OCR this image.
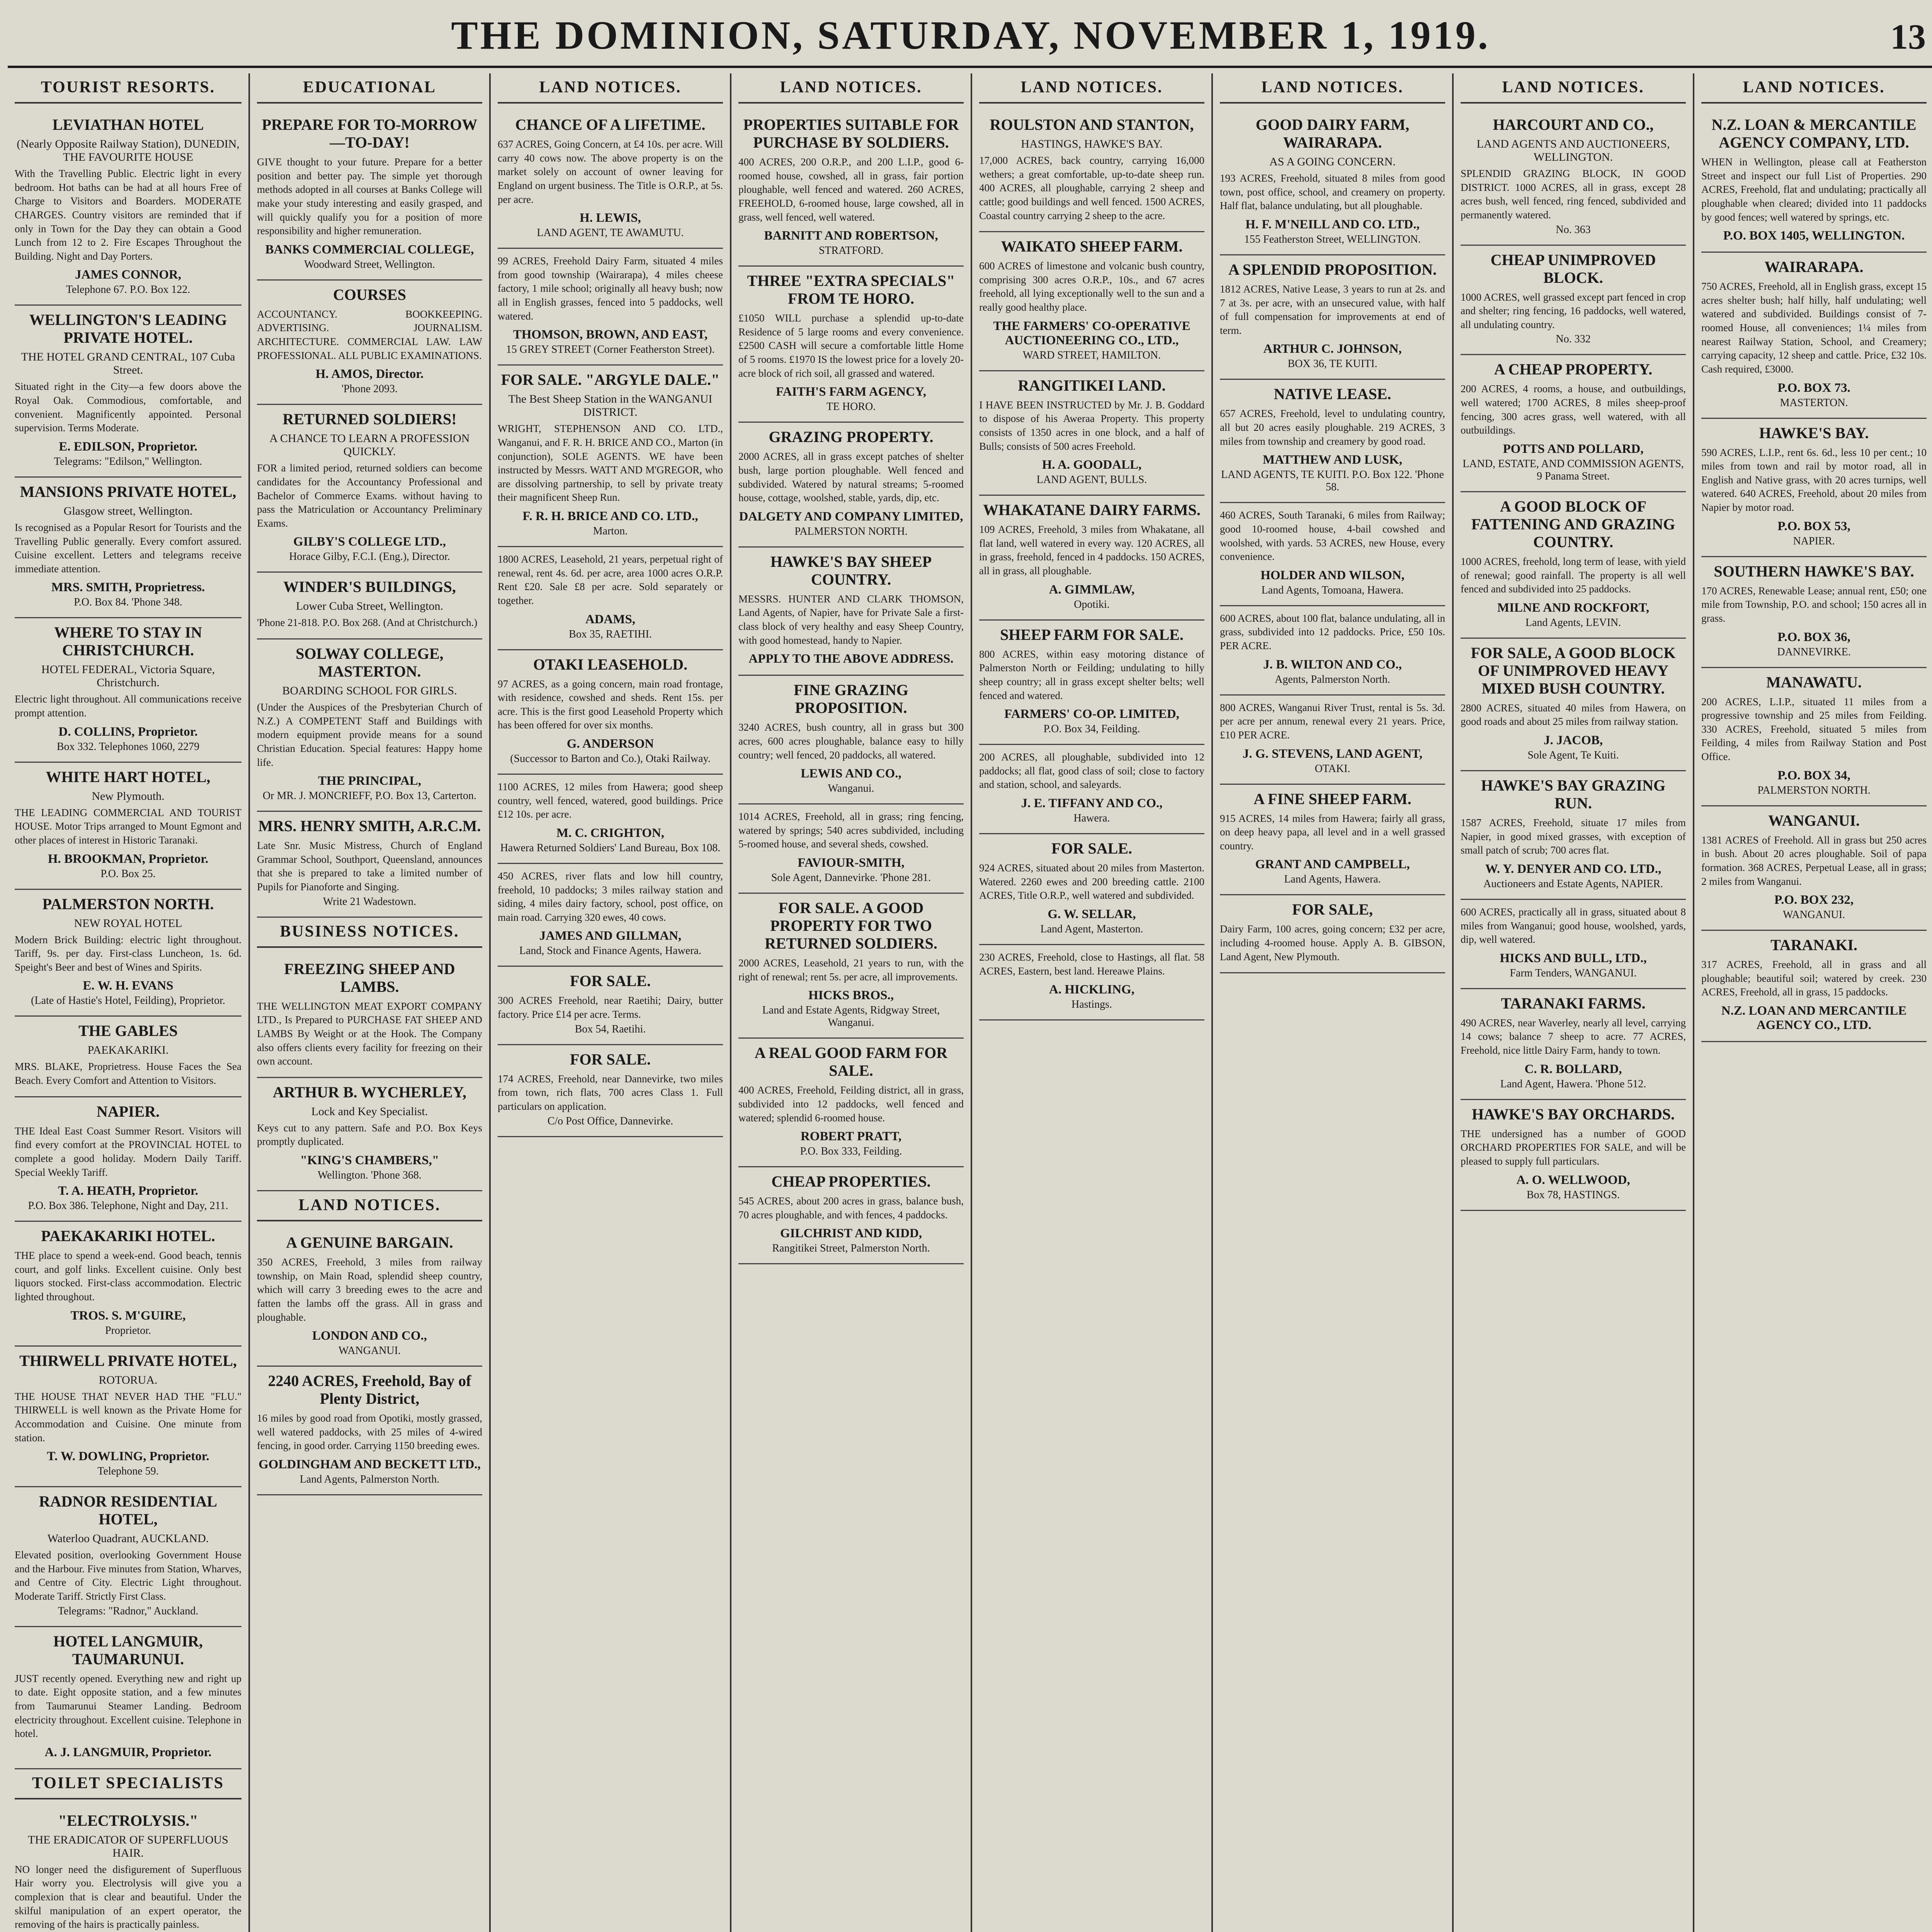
THE DOMINION, SATURDAY, NOVEMBER 1, 1919.	13
TOURIST RESORTS.
LEVIATHAN HOTEL
(Nearly Opposite Railway Station), DUNEDIN, THE FAVOURITE HOUSE
With the Travelling Public. Electric light in every bedroom. Hot baths can be had at all hours Free of Charge to Visitors and Boarders. MODERATE CHARGES. Country visitors are reminded that if only in Town for the Day they can obtain a Good Lunch from 12 to 2. Fire Escapes Throughout the Building. Night and Day Porters.
JAMES CONNOR,
Telephone 67. P.O. Box 122.
WELLINGTON'S LEADING PRIVATE HOTEL.
THE HOTEL GRAND CENTRAL, 107 Cuba Street.
Situated right in the City—a few doors above the Royal Oak. Commodious, comfortable, and convenient. Magnificently appointed. Personal supervision. Terms Moderate.
E. EDILSON, Proprietor.
Telegrams: "Edilson," Wellington.
MANSIONS PRIVATE HOTEL,
Glasgow street, Wellington.
Is recognised as a Popular Resort for Tourists and the Travelling Public generally. Every comfort assured. Cuisine excellent. Letters and telegrams receive immediate attention.
MRS. SMITH, Proprietress.
P.O. Box 84. 'Phone 348.
WHERE TO STAY IN CHRISTCHURCH.
HOTEL FEDERAL, Victoria Square, Christchurch.
Electric light throughout. All communications receive prompt attention.
D. COLLINS, Proprietor.
Box 332. Telephones 1060, 2279
WHITE HART HOTEL,
New Plymouth.
THE LEADING COMMERCIAL AND TOURIST HOUSE. Motor Trips arranged to Mount Egmont and other places of interest in Historic Taranaki.
H. BROOKMAN, Proprietor.
P.O. Box 25.
PALMERSTON NORTH.
NEW ROYAL HOTEL
Modern Brick Building: electric light throughout. Tariff, 9s. per day. First-class Luncheon, 1s. 6d. Speight's Beer and best of Wines and Spirits.
E. W. H. EVANS
(Late of Hastie's Hotel, Feilding), Proprietor.
THE GABLES
PAEKAKARIKI.
MRS. BLAKE, Proprietress. House Faces the Sea Beach. Every Comfort and Attention to Visitors.
NAPIER.
THE Ideal East Coast Summer Resort. Visitors will find every comfort at the PROVINCIAL HOTEL to complete a good holiday. Modern Daily Tariff. Special Weekly Tariff.
T. A. HEATH, Proprietor.
P.O. Box 386. Telephone, Night and Day, 211.
PAEKAKARIKI HOTEL.
THE place to spend a week-end. Good beach, tennis court, and golf links. Excellent cuisine. Only best liquors stocked. First-class accommodation. Electric lighted throughout.
TROS. S. M'GUIRE,
Proprietor.
THIRWELL PRIVATE HOTEL,
ROTORUA.
THE HOUSE THAT NEVER HAD THE "FLU." THIRWELL is well known as the Private Home for Accommodation and Cuisine. One minute from station.
T. W. DOWLING, Proprietor.
Telephone 59.
RADNOR RESIDENTIAL HOTEL,
Waterloo Quadrant, AUCKLAND.
Elevated position, overlooking Government House and the Harbour. Five minutes from Station, Wharves, and Centre of City. Electric Light throughout. Moderate Tariff. Strictly First Class.
Telegrams: "Radnor," Auckland.
HOTEL LANGMUIR, TAUMARUNUI.
JUST recently opened. Everything new and right up to date. Eight opposite station, and a few minutes from Taumarunui Steamer Landing. Bedroom electricity throughout. Excellent cuisine. Telephone in hotel.
A. J. LANGMUIR, Proprietor.
TOILET SPECIALISTS
"ELECTROLYSIS."
THE ERADICATOR OF SUPERFLUOUS HAIR.
NO longer need the disfigurement of Superfluous Hair worry you. Electrolysis will give you a complexion that is clear and beautiful. Under the skilful manipulation of an expert operator, the removing of the hairs is practically painless.
EDUCATIONAL
PREPARE FOR TO-MORROW—TO-DAY!
GIVE thought to your future. Prepare for a better position and better pay. The simple yet thorough methods adopted in all courses at Banks College will make your study interesting and easily grasped, and will quickly qualify you for a position of more responsibility and higher remuneration.
BANKS COMMERCIAL COLLEGE,
Woodward Street, Wellington.
COURSES
ACCOUNTANCY. BOOKKEEPING. ADVERTISING. JOURNALISM. ARCHITECTURE. COMMERCIAL LAW. LAW PROFESSIONAL. ALL PUBLIC EXAMINATIONS.
H. AMOS, Director.
'Phone 2093.
RETURNED SOLDIERS!
A CHANCE TO LEARN A PROFESSION QUICKLY.
FOR a limited period, returned soldiers can become candidates for the Accountancy Professional and Bachelor of Commerce Exams. without having to pass the Matriculation or Accountancy Preliminary Exams.
GILBY'S COLLEGE LTD.,
Horace Gilby, F.C.I. (Eng.), Director.
WINDER'S BUILDINGS,
Lower Cuba Street, Wellington.
'Phone 21-818. P.O. Box 268. (And at Christchurch.)
SOLWAY COLLEGE, MASTERTON.
BOARDING SCHOOL FOR GIRLS.
(Under the Auspices of the Presbyterian Church of N.Z.) A COMPETENT Staff and Buildings with modern equipment provide means for a sound Christian Education. Special features: Happy home life.
THE PRINCIPAL,
Or MR. J. MONCRIEFF, P.O. Box 13, Carterton.
MRS. HENRY SMITH, A.R.C.M.
Late Snr. Music Mistress, Church of England Grammar School, Southport, Queensland, announces that she is prepared to take a limited number of Pupils for Pianoforte and Singing.
Write 21 Wadestown.
BUSINESS NOTICES.
FREEZING SHEEP AND LAMBS.
THE WELLINGTON MEAT EXPORT COMPANY LTD., Is Prepared to PURCHASE FAT SHEEP AND LAMBS By Weight or at the Hook. The Company also offers clients every facility for freezing on their own account.
ARTHUR B. WYCHERLEY,
Lock and Key Specialist.
Keys cut to any pattern. Safe and P.O. Box Keys promptly duplicated.
"KING'S CHAMBERS,"
Wellington. 'Phone 368.
LAND NOTICES.
A GENUINE BARGAIN.
350 ACRES, Freehold, 3 miles from railway township, on Main Road, splendid sheep country, which will carry 3 breeding ewes to the acre and fatten the lambs off the grass. All in grass and ploughable.
LONDON AND CO.,
WANGANUI.
2240 ACRES, Freehold, Bay of Plenty District,
16 miles by good road from Opotiki, mostly grassed, well watered paddocks, with 25 miles of 4-wired fencing, in good order. Carrying 1150 breeding ewes.
GOLDINGHAM AND BECKETT LTD.,
Land Agents, Palmerston North.
LAND NOTICES.
CHANCE OF A LIFETIME.
637 ACRES, Going Concern, at £4 10s. per acre. Will carry 40 cows now. The above property is on the market solely on account of owner leaving for England on urgent business. The Title is O.R.P., at 5s. per acre.
H. LEWIS,
LAND AGENT, TE AWAMUTU.
99 ACRES, Freehold Dairy Farm, situated 4 miles from good township (Wairarapa), 4 miles cheese factory, 1 mile school; originally all heavy bush; now all in English grasses, fenced into 5 paddocks, well watered.
THOMSON, BROWN, AND EAST,
15 GREY STREET (Corner Featherston Street).
FOR SALE. "ARGYLE DALE."
The Best Sheep Station in the WANGANUI DISTRICT.
WRIGHT, STEPHENSON AND CO. LTD., Wanganui, and F. R. H. BRICE AND CO., Marton (in conjunction), SOLE AGENTS. WE have been instructed by Messrs. WATT AND M'GREGOR, who are dissolving partnership, to sell by private treaty their magnificent Sheep Run.
F. R. H. BRICE AND CO. LTD.,
Marton.
1800 ACRES, Leasehold, 21 years, perpetual right of renewal, rent 4s. 6d. per acre, area 1000 acres O.R.P. Rent £20. Sale £8 per acre. Sold separately or together.
ADAMS,
Box 35, RAETIHI.
OTAKI LEASEHOLD.
97 ACRES, as a going concern, main road frontage, with residence, cowshed and sheds. Rent 15s. per acre. This is the first good Leasehold Property which has been offered for over six months.
G. ANDERSON
(Successor to Barton and Co.), Otaki Railway.
1100 ACRES, 12 miles from Hawera; good sheep country, well fenced, watered, good buildings. Price £12 10s. per acre.
M. C. CRIGHTON,
Hawera Returned Soldiers' Land Bureau, Box 108.
450 ACRES, river flats and low hill country, freehold, 10 paddocks; 3 miles railway station and siding, 4 miles dairy factory, school, post office, on main road. Carrying 320 ewes, 40 cows.
JAMES AND GILLMAN,
Land, Stock and Finance Agents, Hawera.
FOR SALE.
300 ACRES Freehold, near Raetihi; Dairy, butter factory. Price £14 per acre. Terms.
Box 54, Raetihi.
FOR SALE.
174 ACRES, Freehold, near Dannevirke, two miles from town, rich flats, 700 acres Class 1. Full particulars on application.
C/o Post Office, Dannevirke.
LAND NOTICES.
PROPERTIES SUITABLE FOR PURCHASE BY SOLDIERS.
400 ACRES, 200 O.R.P., and 200 L.I.P., good 6-roomed house, cowshed, all in grass, fair portion ploughable, well fenced and watered. 260 ACRES, FREEHOLD, 6-roomed house, large cowshed, all in grass, well fenced, well watered.
BARNITT AND ROBERTSON,
STRATFORD.
THREE "EXTRA SPECIALS" FROM TE HORO.
£1050 WILL purchase a splendid up-to-date Residence of 5 large rooms and every convenience. £2500 CASH will secure a comfortable little Home of 5 rooms. £1970 IS the lowest price for a lovely 20-acre block of rich soil, all grassed and watered.
FAITH'S FARM AGENCY,
TE HORO.
GRAZING PROPERTY.
2000 ACRES, all in grass except patches of shelter bush, large portion ploughable. Well fenced and subdivided. Watered by natural streams; 5-roomed house, cottage, woolshed, stable, yards, dip, etc.
DALGETY AND COMPANY LIMITED,
PALMERSTON NORTH.
HAWKE'S BAY SHEEP COUNTRY.
MESSRS. HUNTER AND CLARK THOMSON, Land Agents, of Napier, have for Private Sale a first-class block of very healthy and easy Sheep Country, with good homestead, handy to Napier.
APPLY TO THE ABOVE ADDRESS.
FINE GRAZING PROPOSITION.
3240 ACRES, bush country, all in grass but 300 acres, 600 acres ploughable, balance easy to hilly country; well fenced, 20 paddocks, all watered.
LEWIS AND CO.,
Wanganui.
1014 ACRES, Freehold, all in grass; ring fencing, watered by springs; 540 acres subdivided, including 5-roomed house, and several sheds, cowshed.
FAVIOUR-SMITH,
Sole Agent, Dannevirke. 'Phone 281.
FOR SALE. A GOOD PROPERTY FOR TWO RETURNED SOLDIERS.
2000 ACRES, Leasehold, 21 years to run, with the right of renewal; rent 5s. per acre, all improvements.
HICKS BROS.,
Land and Estate Agents, Ridgway Street, Wanganui.
A REAL GOOD FARM FOR SALE.
400 ACRES, Freehold, Feilding district, all in grass, subdivided into 12 paddocks, well fenced and watered; splendid 6-roomed house.
ROBERT PRATT,
P.O. Box 333, Feilding.
CHEAP PROPERTIES.
545 ACRES, about 200 acres in grass, balance bush, 70 acres ploughable, and with fences, 4 paddocks.
GILCHRIST AND KIDD,
Rangitikei Street, Palmerston North.
LAND NOTICES.
ROULSTON AND STANTON,
HASTINGS, HAWKE'S BAY.
17,000 ACRES, back country, carrying 16,000 wethers; a great comfortable, up-to-date sheep run. 400 ACRES, all ploughable, carrying 2 sheep and cattle; good buildings and well fenced. 1500 ACRES, Coastal country carrying 2 sheep to the acre.
WAIKATO SHEEP FARM.
600 ACRES of limestone and volcanic bush country, comprising 300 acres O.R.P., 10s., and 67 acres freehold, all lying exceptionally well to the sun and a really good healthy place.
THE FARMERS' CO-OPERATIVE AUCTIONEERING CO., LTD.,
WARD STREET, HAMILTON.
RANGITIKEI LAND.
I HAVE BEEN INSTRUCTED by Mr. J. B. Goddard to dispose of his Aweraa Property. This property consists of 1350 acres in one block, and a half of Bulls; consists of 500 acres Freehold.
H. A. GOODALL,
LAND AGENT, BULLS.
WHAKATANE DAIRY FARMS.
109 ACRES, Freehold, 3 miles from Whakatane, all flat land, well watered in every way. 120 ACRES, all in grass, freehold, fenced in 4 paddocks. 150 ACRES, all in grass, all ploughable.
A. GIMMLAW,
Opotiki.
SHEEP FARM FOR SALE.
800 ACRES, within easy motoring distance of Palmerston North or Feilding; undulating to hilly sheep country; all in grass except shelter belts; well fenced and watered.
FARMERS' CO-OP. LIMITED,
P.O. Box 34, Feilding.
200 ACRES, all ploughable, subdivided into 12 paddocks; all flat, good class of soil; close to factory and station, school, and saleyards.
J. E. TIFFANY AND CO.,
Hawera.
FOR SALE.
924 ACRES, situated about 20 miles from Masterton. Watered. 2260 ewes and 200 breeding cattle. 2100 ACRES, Title O.R.P., well watered and subdivided.
G. W. SELLAR,
Land Agent, Masterton.
230 ACRES, Freehold, close to Hastings, all flat. 58 ACRES, Eastern, best land. Hereawe Plains.
A. HICKLING,
Hastings.
LAND NOTICES.
GOOD DAIRY FARM, WAIRARAPA.
AS A GOING CONCERN.
193 ACRES, Freehold, situated 8 miles from good town, post office, school, and creamery on property. Half flat, balance undulating, but all ploughable.
H. F. M'NEILL AND CO. LTD.,
155 Featherston Street, WELLINGTON.
A SPLENDID PROPOSITION.
1812 ACRES, Native Lease, 3 years to run at 2s. and 7 at 3s. per acre, with an unsecured value, with half of full compensation for improvements at end of term.
ARTHUR C. JOHNSON,
BOX 36, TE KUITI.
NATIVE LEASE.
657 ACRES, Freehold, level to undulating country, all but 20 acres easily ploughable. 219 ACRES, 3 miles from township and creamery by good road.
MATTHEW AND LUSK,
LAND AGENTS, TE KUITI. P.O. Box 122. 'Phone 58.
460 ACRES, South Taranaki, 6 miles from Railway; good 10-roomed house, 4-bail cowshed and woolshed, with yards. 53 ACRES, new House, every convenience.
HOLDER AND WILSON,
Land Agents, Tomoana, Hawera.
600 ACRES, about 100 flat, balance undulating, all in grass, subdivided into 12 paddocks. Price, £50 10s. PER ACRE.
J. B. WILTON AND CO.,
Agents, Palmerston North.
800 ACRES, Wanganui River Trust, rental is 5s. 3d. per acre per annum, renewal every 21 years. Price, £10 PER ACRE.
J. G. STEVENS, LAND AGENT,
OTAKI.
A FINE SHEEP FARM.
915 ACRES, 14 miles from Hawera; fairly all grass, on deep heavy papa, all level and in a well grassed country.
GRANT AND CAMPBELL,
Land Agents, Hawera.
FOR SALE,
Dairy Farm, 100 acres, going concern; £32 per acre, including 4-roomed house. Apply A. B. GIBSON, Land Agent, New Plymouth.
LAND NOTICES.
HARCOURT AND CO.,
LAND AGENTS AND AUCTIONEERS, WELLINGTON.
SPLENDID GRAZING BLOCK, IN GOOD DISTRICT. 1000 ACRES, all in grass, except 28 acres bush, well fenced, ring fenced, subdivided and permanently watered.
No. 363
CHEAP UNIMPROVED BLOCK.
1000 ACRES, well grassed except part fenced in crop and shelter; ring fencing, 16 paddocks, well watered, all undulating country.
No. 332
A CHEAP PROPERTY.
200 ACRES, 4 rooms, a house, and outbuildings, well watered; 1700 ACRES, 8 miles sheep-proof fencing, 300 acres grass, well watered, with all outbuildings.
POTTS AND POLLARD,
LAND, ESTATE, AND COMMISSION AGENTS, 9 Panama Street.
A GOOD BLOCK OF FATTENING AND GRAZING COUNTRY.
1000 ACRES, freehold, long term of lease, with yield of renewal; good rainfall. The property is all well fenced and subdivided into 25 paddocks.
MILNE AND ROCKFORT,
Land Agents, LEVIN.
FOR SALE, A GOOD BLOCK OF UNIMPROVED HEAVY MIXED BUSH COUNTRY.
2800 ACRES, situated 40 miles from Hawera, on good roads and about 25 miles from railway station.
J. JACOB,
Sole Agent, Te Kuiti.
HAWKE'S BAY GRAZING RUN.
1587 ACRES, Freehold, situate 17 miles from Napier, in good mixed grasses, with exception of small patch of scrub; 700 acres flat.
W. Y. DENYER AND CO. LTD.,
Auctioneers and Estate Agents, NAPIER.
600 ACRES, practically all in grass, situated about 8 miles from Wanganui; good house, woolshed, yards, dip, well watered.
HICKS AND BULL, LTD.,
Farm Tenders, WANGANUI.
TARANAKI FARMS.
490 ACRES, near Waverley, nearly all level, carrying 14 cows; balance 7 sheep to acre. 77 ACRES, Freehold, nice little Dairy Farm, handy to town.
C. R. BOLLARD,
Land Agent, Hawera. 'Phone 512.
HAWKE'S BAY ORCHARDS.
THE undersigned has a number of GOOD ORCHARD PROPERTIES FOR SALE, and will be pleased to supply full particulars.
A. O. WELLWOOD,
Box 78, HASTINGS.
LAND NOTICES.
N.Z. LOAN & MERCANTILE AGENCY COMPANY, LTD.
WHEN in Wellington, please call at Featherston Street and inspect our full List of Properties. 290 ACRES, Freehold, flat and undulating; practically all ploughable when cleared; divided into 11 paddocks by good fences; well watered by springs, etc.
P.O. BOX 1405, WELLINGTON.
WAIRARAPA.
750 ACRES, Freehold, all in English grass, except 15 acres shelter bush; half hilly, half undulating; well watered and subdivided. Buildings consist of 7-roomed House, all conveniences; 1¼ miles from nearest Railway Station, School, and Creamery; carrying capacity, 12 sheep and cattle. Price, £32 10s. Cash required, £3000.
P.O. BOX 73.
MASTERTON.
HAWKE'S BAY.
590 ACRES, L.I.P., rent 6s. 6d., less 10 per cent.; 10 miles from town and rail by motor road, all in English and Native grass, with 20 acres turnips, well watered. 640 ACRES, Freehold, about 20 miles from Napier by motor road.
P.O. BOX 53,
NAPIER.
SOUTHERN HAWKE'S BAY.
170 ACRES, Renewable Lease; annual rent, £50; one mile from Township, P.O. and school; 150 acres all in grass.
P.O. BOX 36,
DANNEVIRKE.
MANAWATU.
200 ACRES, L.I.P., situated 11 miles from a progressive township and 25 miles from Feilding. 330 ACRES, Freehold, situated 5 miles from Feilding, 4 miles from Railway Station and Post Office.
P.O. BOX 34,
PALMERSTON NORTH.
WANGANUI.
1381 ACRES of Freehold. All in grass but 250 acres in bush. About 20 acres ploughable. Soil of papa formation. 368 ACRES, Perpetual Lease, all in grass; 2 miles from Wanganui.
P.O. BOX 232,
WANGANUI.
TARANAKI.
317 ACRES, Freehold, all in grass and all ploughable; beautiful soil; watered by creek. 230 ACRES, Freehold, all in grass, 15 paddocks.
N.Z. LOAN AND MERCANTILE AGENCY CO., LTD.
